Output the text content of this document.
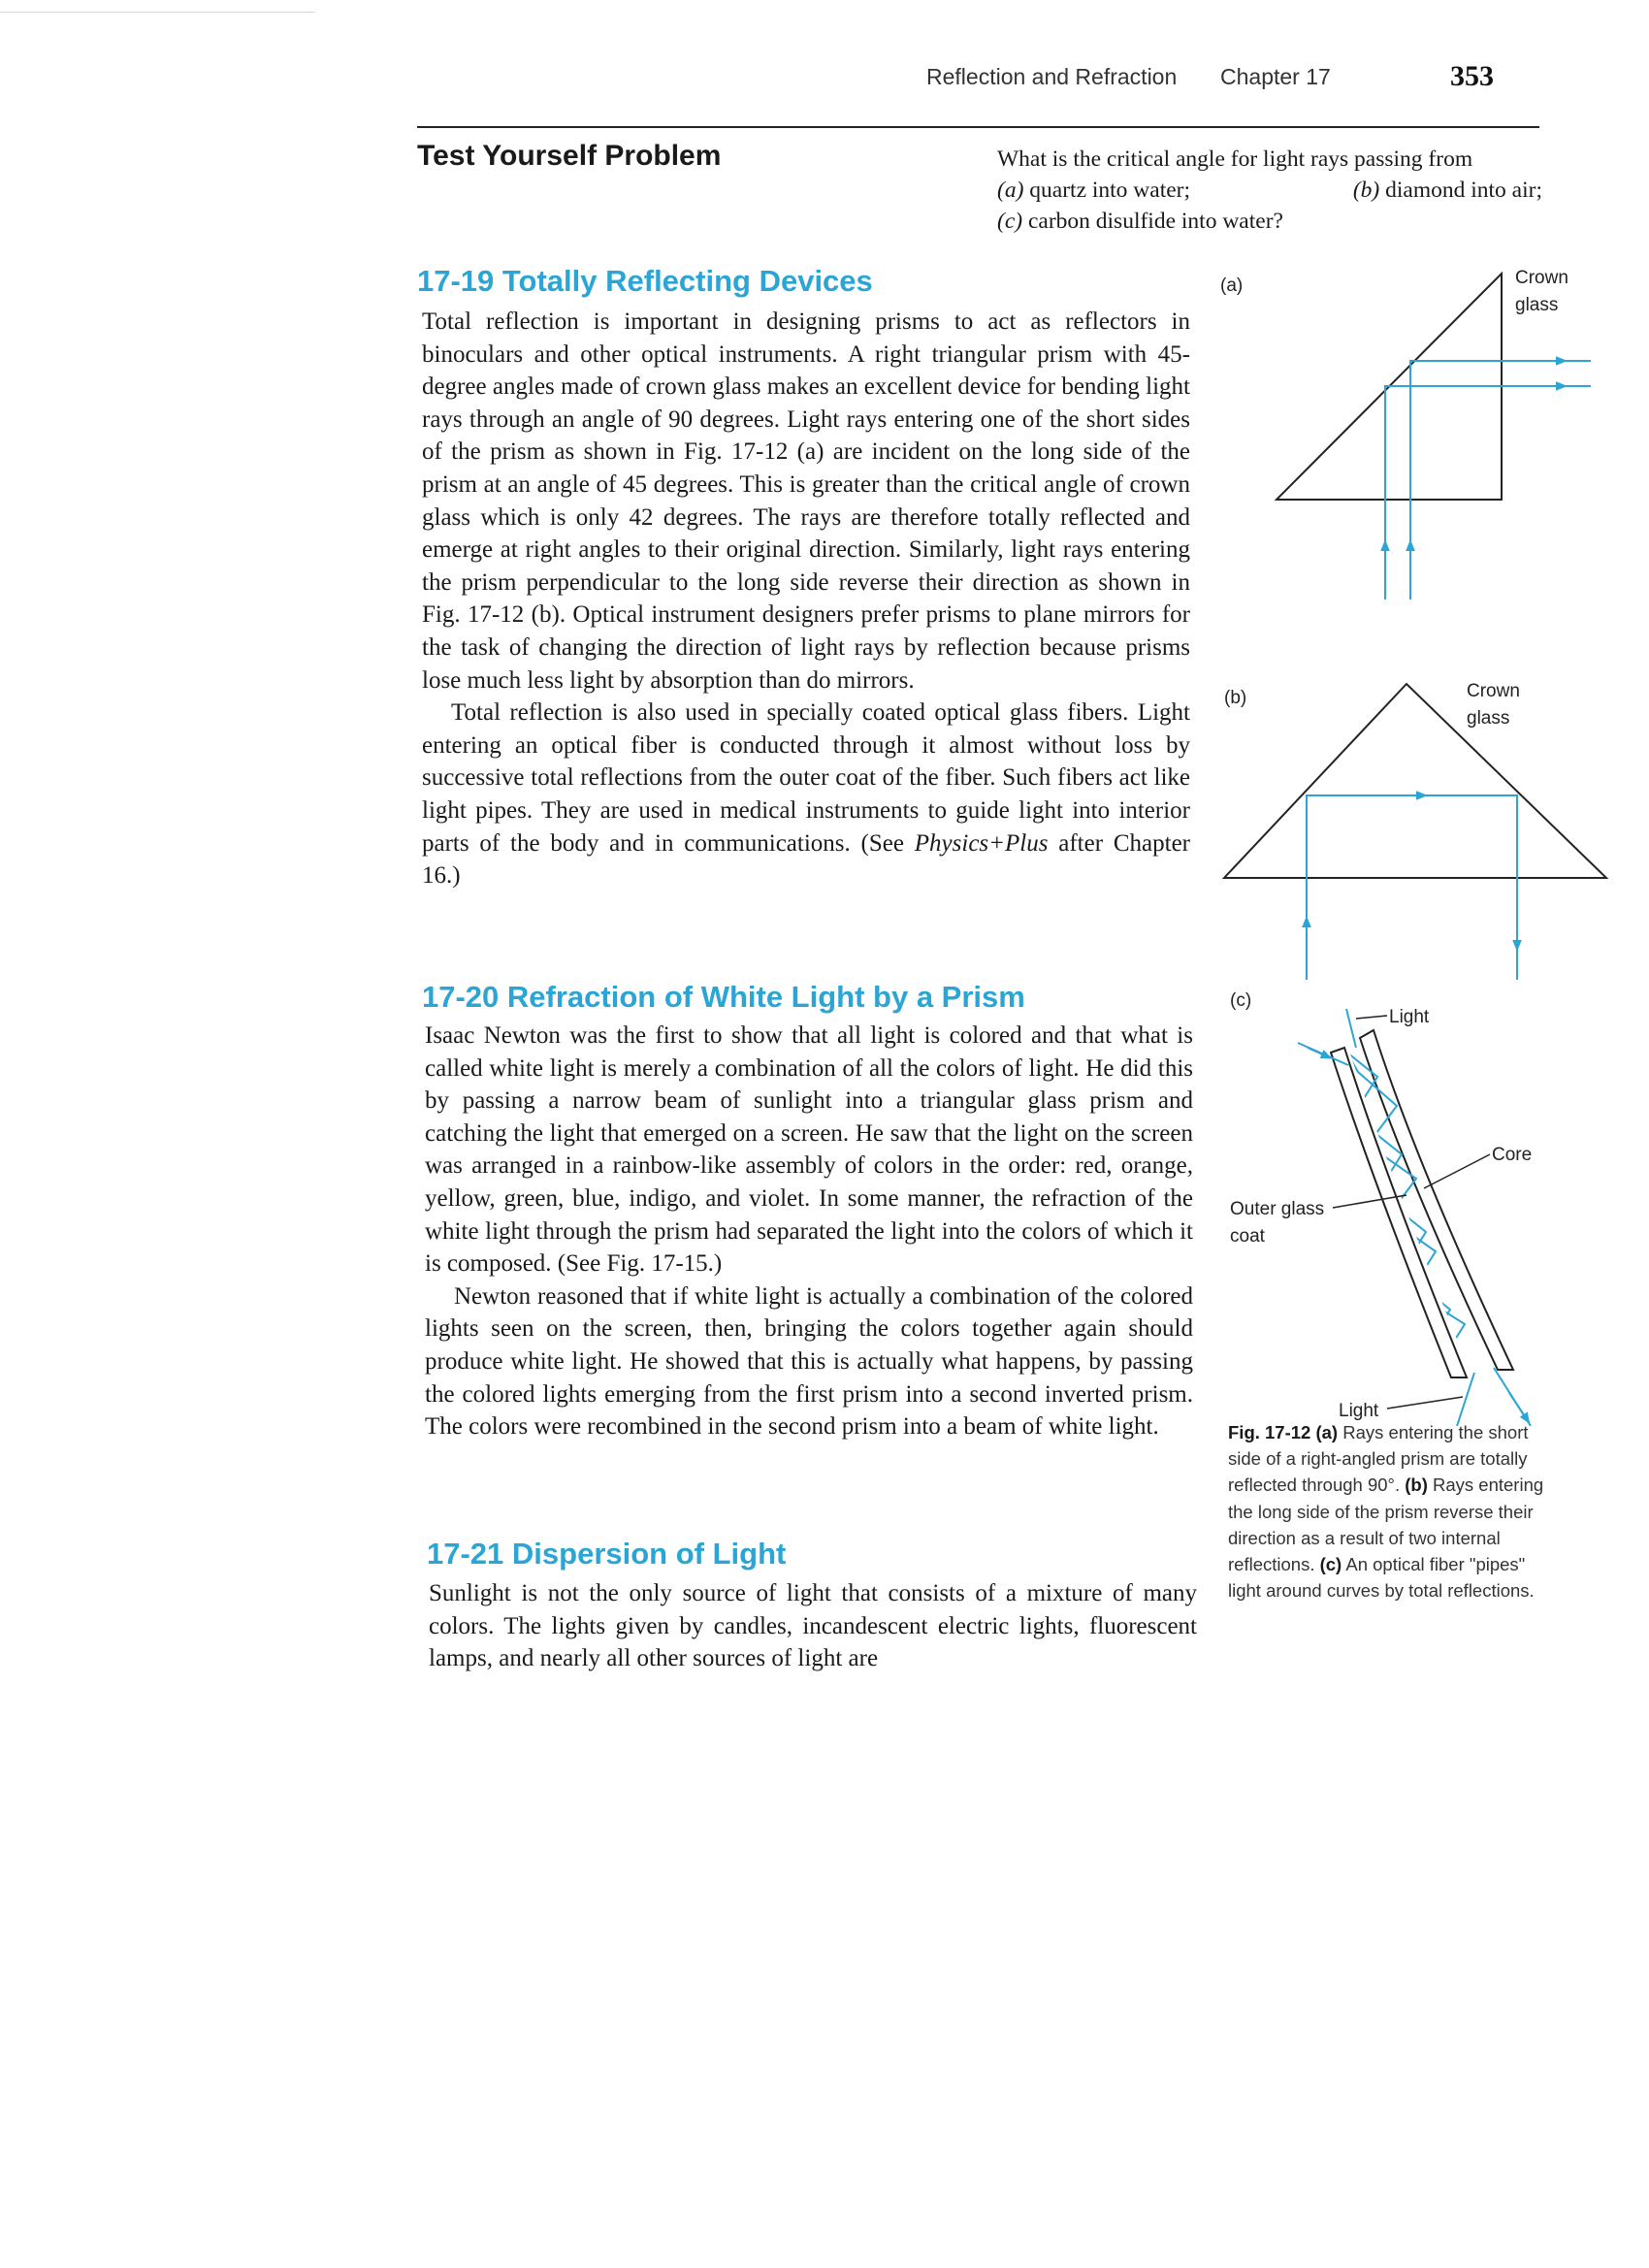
Reflection and Refraction Chapter 17	353
Test Yourself Problem	What is the critical angle for light rays passing from
(a) quartz into water;	(b) diamond into air;
(c) carbon disulfide into water?
17-19 Totally Reflecting Devices

Total reflection is important in designing prisms to act as reflectors in binoculars and other optical instruments. A right triangular prism with 45-degree angles made of crown glass makes an excellent device for bending light rays through an angle of 90 degrees. Light rays entering one of the short sides of the prism as shown in Fig. 17-12 (a) are incident on the long side of the prism at an angle of 45 degrees. This is greater than the critical angle of crown glass which is only 42 degrees. The rays are therefore totally reflected and emerge at right angles to their original direction. Similarly, light rays entering the prism perpendicular to the long side reverse their direction as shown in Fig. 17-12 (b). Optical instrument designers prefer prisms to plane mirrors for the task of changing the direction of light rays by reflection because prisms lose much less light by absorption than do mirrors.

Total reflection is also used in specially coated optical glass fibers. Light entering an optical fiber is conducted through it almost without loss by successive total reflections from the outer coat of the fiber. Such fibers act like light pipes. They are used in medical instruments to guide light into interior parts of the body and in communications. (See Physics+Plus after Chapter 16.)

17-20 Refraction of White Light by a Prism

Isaac Newton was the first to show that all light is colored and that what is called white light is merely a combination of all the colors of light. He did this by passing a narrow beam of sunlight into a triangular glass prism and catching the light that emerged on a screen. He saw that the light on the screen was arranged in a rainbow-like assembly of colors in the order: red, orange, yellow, green, blue, indigo, and violet. In some manner, the refraction of the white light through the prism had separated the light into the colors of which it is composed. (See Fig. 17-15.)

Newton reasoned that if white light is actually a combination of the colored lights seen on the screen, then, bringing the colors together again should produce white light. He showed that this is actually what happens, by passing the colored lights emerging from the first prism into a second inverted prism. The colors were recombined in the second prism into a beam of white light.

17-21 Dispersion of Light

Sunlight is not the only source of light that consists of a mixture of many colors. The lights given by candles, incandescent electric lights, fluorescent lamps, and nearly all other sources of light are

(a)	Crown
glass
(b)	Crown
glass
(c)
Light
Core
Outer glass
coat
Light
Fig. 17-12 (a) Rays entering the short side of a right-angled prism are totally reflected through 90°. (b) Rays entering the long side of the prism reverse their direction as a result of two internal reflections. (c) An optical fiber "pipes" light around curves by total reflections.
